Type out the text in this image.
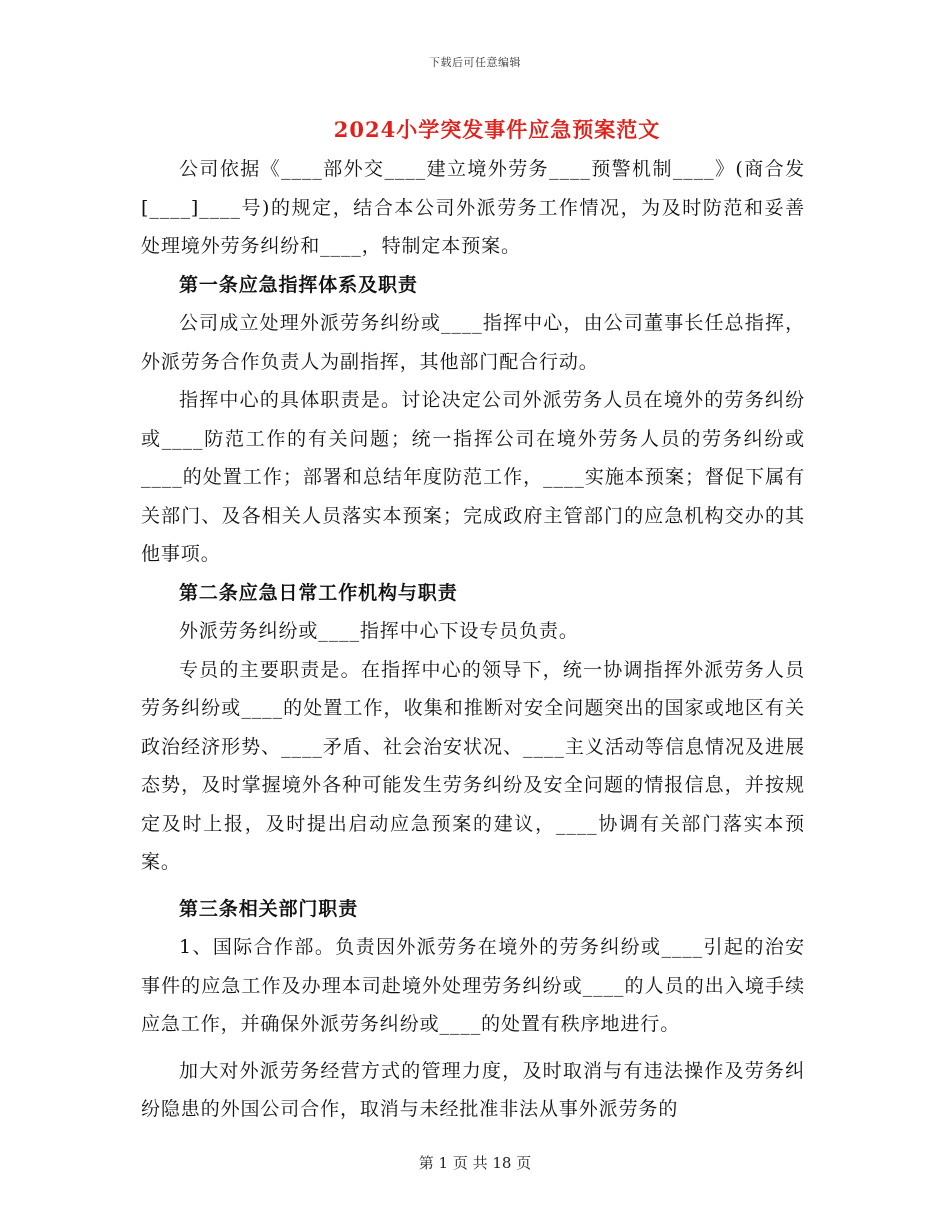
下载后可任意编辑
2024小学突发事件应急预案范文

公司依据《____部外交____建立境外劳务____预警机制____》(商合发[____]____号)的规定，结合本公司外派劳务工作情况，为及时防范和妥善处理境外劳务纠纷和____，特制定本预案。

第一条应急指挥体系及职责

公司成立处理外派劳务纠纷或____指挥中心，由公司董事长任总指挥，外派劳务合作负责人为副指挥，其他部门配合行动。

指挥中心的具体职责是。讨论决定公司外派劳务人员在境外的劳务纠纷或____防范工作的有关问题；统一指挥公司在境外劳务人员的劳务纠纷或____的处置工作；部署和总结年度防范工作，____实施本预案；督促下属有关部门、及各相关人员落实本预案；完成政府主管部门的应急机构交办的其他事项。

第二条应急日常工作机构与职责

外派劳务纠纷或____指挥中心下设专员负责。

专员的主要职责是。在指挥中心的领导下，统一协调指挥外派劳务人员劳务纠纷或____的处置工作，收集和推断对安全问题突出的国家或地区有关政治经济形势、____矛盾、社会治安状况、____主义活动等信息情况及进展态势，及时掌握境外各种可能发生劳务纠纷及安全问题的情报信息，并按规定及时上报，及时提出启动应急预案的建议，____协调有关部门落实本预案。

第三条相关部门职责

1、国际合作部。负责因外派劳务在境外的劳务纠纷或____引起的治安事件的应急工作及办理本司赴境外处理劳务纠纷或____的人员的出入境手续应急工作，并确保外派劳务纠纷或____的处置有秩序地进行。

加大对外派劳务经营方式的管理力度，及时取消与有违法操作及劳务纠纷隐患的外国公司合作，取消与未经批准非法从事外派劳务的

第 1 页 共 18 页
